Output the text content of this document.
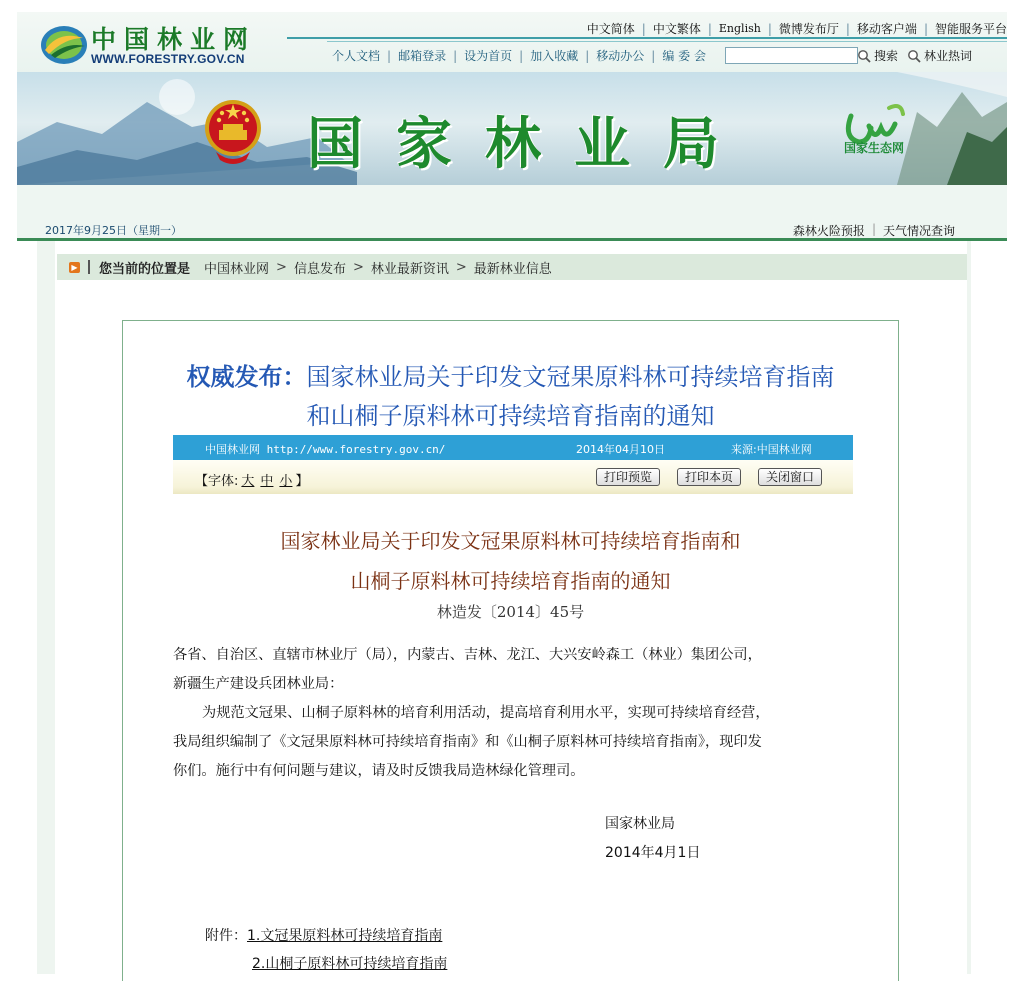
中国林业网
WWW.FORESTRY.GOV.CN
中文简体 | 中文繁体 | English | 微博发布厅 | 移动客户端 | 智能服务平台
个人文档 | 邮箱登录 | 设为首页 | 加入收藏 | 移动办公 | 编 委 会	搜索 林业热词
国家林业局	国家生态网
2017年9月25日（星期一）	森林火险预报 | 天气情况查询
▶ 您当前的位置是 中国林业网 > 信息发布 > 林业最新资讯 > 最新林业信息
权威发布：国家林业局关于印发文冠果原料林可持续培育指南
和山桐子原料林可持续培育指南的通知
中国林业网 http://www.forestry.gov.cn/	2014年04月10日	来源:中国林业网
【字体: 大 中 小 】	打印预览	打印本页	关闭窗口
国家林业局关于印发文冠果原料林可持续培育指南和
山桐子原料林可持续培育指南的通知
林造发〔2014〕45号

各省、自治区、直辖市林业厅（局），内蒙古、吉林、龙江、大兴安岭森工（林业）集团公司，

新疆生产建设兵团林业局：

为规范文冠果、山桐子原料林的培育利用活动，提高培育利用水平，实现可持续培育经营，

我局组织编制了《文冠果原料林可持续培育指南》和《山桐子原料林可持续培育指南》，现印发

你们。施行中有何问题与建议，请及时反馈我局造林绿化管理司。

国家林业局
2014年4月1日
附件：1.文冠果原料林可持续培育指南
2.山桐子原料林可持续培育指南
